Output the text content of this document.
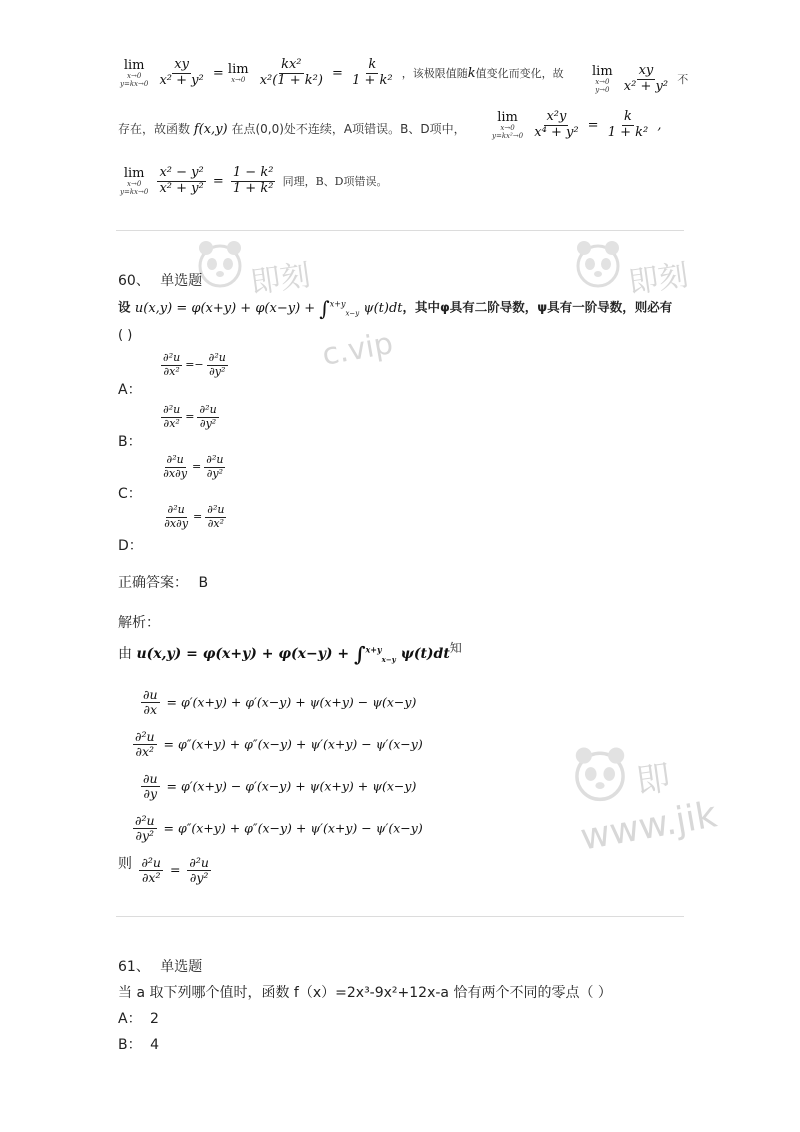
即刻
c.vip
即刻
即
www.jik
lim
x→0
y=kx→0
$\frac{xy}{\text{x² + y²}} = \lim$
x→0
$\frac{\text{kx²}}{\text{x²(1 + k²)}} = \frac{k}{\text{1 + k²}}$ ，该极限值随k值变化而变化，故 lim
x→0
y→0
$\frac{xy}{\text{x² + y²}}$ 不
存在，故函数 f(x,y) 在点(0,0)处不连续，A项错误。B、D项中，
lim
x→0
y=kx²→0
$\frac{\text{x²y}}{\text{x⁴ + y²}} = \frac{k}{\text{1 + k²}}$ ,
lim
x→0
y=kx→0
$\frac{\text{x² − y²}}{\text{x² + y²}} = \frac{\text{1 − k²}}{\text{1 + k²}}$ 同理，B、D项错误。
60、 单选题
设 u(x,y) = φ(x+y) + φ(x−y) + ∫$^{x+y}_{x-y}$ ψ(t)dt，其中φ具有二阶导数，ψ具有一阶导数，则必有
( )
A：
$\frac{\text{∂²u}}{\text{∂x²}} =- \frac{\text{∂²u}}{\text{∂y²}}$
B：
$\frac{\text{∂²u}}{\text{∂x²}} = \frac{\text{∂²u}}{\text{∂y²}}$
C：
$\frac{\text{∂²u}}{\partial x\partial y} = \frac{\text{∂²u}}{\text{∂y²}}$
D：
$\frac{\text{∂²u}}{\partial x\partial y} = \frac{\text{∂²u}}{\text{∂x²}}$
正确答案： B
解析：
由 u(x,y) = φ(x+y) + φ(x−y) + ∫$^{x+y}_{x-y}$ ψ(t)dt知
$\frac{\partial u}{\partial x} = \varphi'(x+y) + \varphi'(x-y) + \psi(x+y) - \psi(x-y)$
$\frac{\text{∂²u}}{\text{∂x²}} = \varphi''(x+y) + \varphi''(x-y) + \psi'(x+y) - \psi'(x-y)$
$\frac{\partial u}{\partial y} = \varphi'(x+y) - \varphi'(x-y) + \psi(x+y) + \psi(x-y)$
$\frac{\text{∂²u}}{\text{∂y²}} = \varphi''(x+y) + \varphi''(x-y) + \psi'(x+y) - \psi'(x-y)$
则 $\frac{\text{∂²u}}{\text{∂x²}} = \frac{\text{∂²u}}{\text{∂y²}}$
61、 单选题
当 a 取下列哪个值时，函数 f（x）=2x³-9x²+12x-a 恰有两个不同的零点（ ）
A： 2
B： 4
